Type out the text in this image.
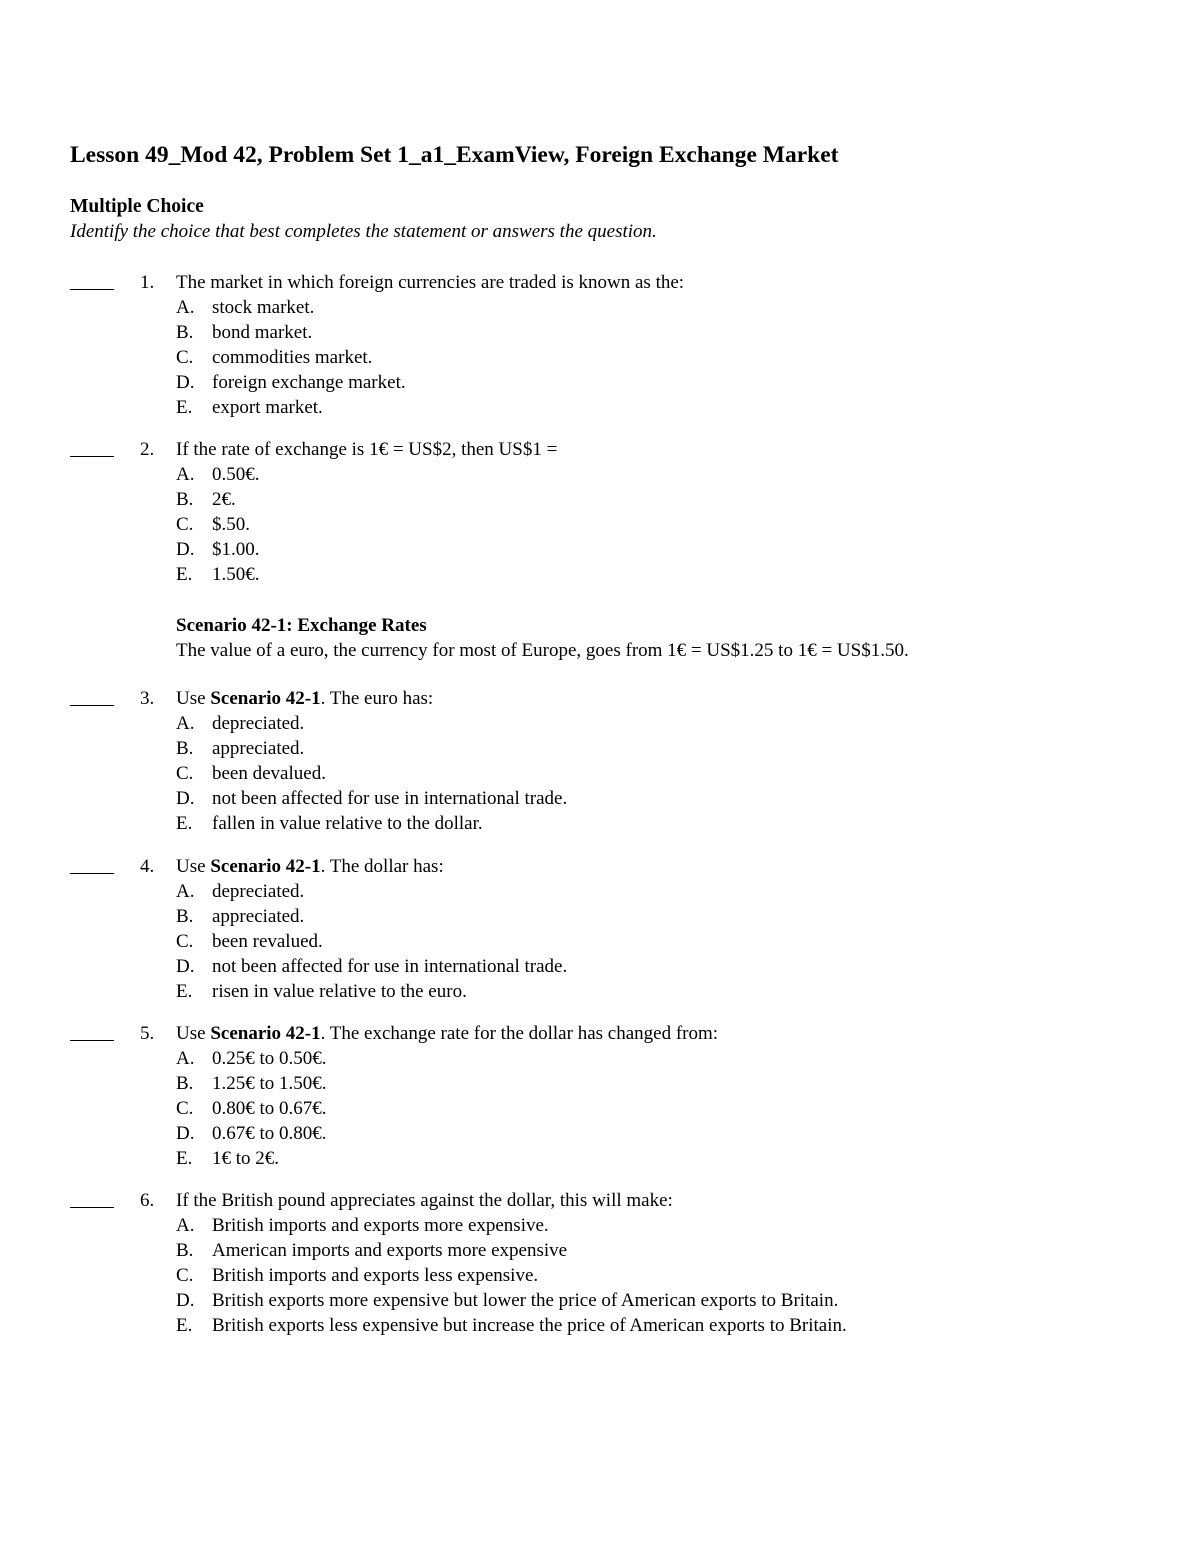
Lesson 49_Mod 42, Problem Set 1_a1_ExamView, Foreign Exchange Market
Multiple Choice
Identify the choice that best completes the statement or answers the question.
1. The market in which foreign currencies are traded is known as the:
A. stock market.
B. bond market.
C. commodities market.
D. foreign exchange market.
E. export market.
2. If the rate of exchange is 1€ = US$2, then US$1 =
A. 0.50€.
B. 2€.
C. $.50.
D. $1.00.
E. 1.50€.
Scenario 42-1: Exchange Rates
The value of a euro, the currency for most of Europe, goes from 1€ = US$1.25 to 1€ = US$1.50.
3. Use Scenario 42-1. The euro has:
A. depreciated.
B. appreciated.
C. been devalued.
D. not been affected for use in international trade.
E. fallen in value relative to the dollar.
4. Use Scenario 42-1. The dollar has:
A. depreciated.
B. appreciated.
C. been revalued.
D. not been affected for use in international trade.
E. risen in value relative to the euro.
5. Use Scenario 42-1. The exchange rate for the dollar has changed from:
A. 0.25€ to 0.50€.
B. 1.25€ to 1.50€.
C. 0.80€ to 0.67€.
D. 0.67€ to 0.80€.
E. 1€ to 2€.
6. If the British pound appreciates against the dollar, this will make:
A. British imports and exports more expensive.
B. American imports and exports more expensive
C. British imports and exports less expensive.
D. British exports more expensive but lower the price of American exports to Britain.
E. British exports less expensive but increase the price of American exports to Britain.
